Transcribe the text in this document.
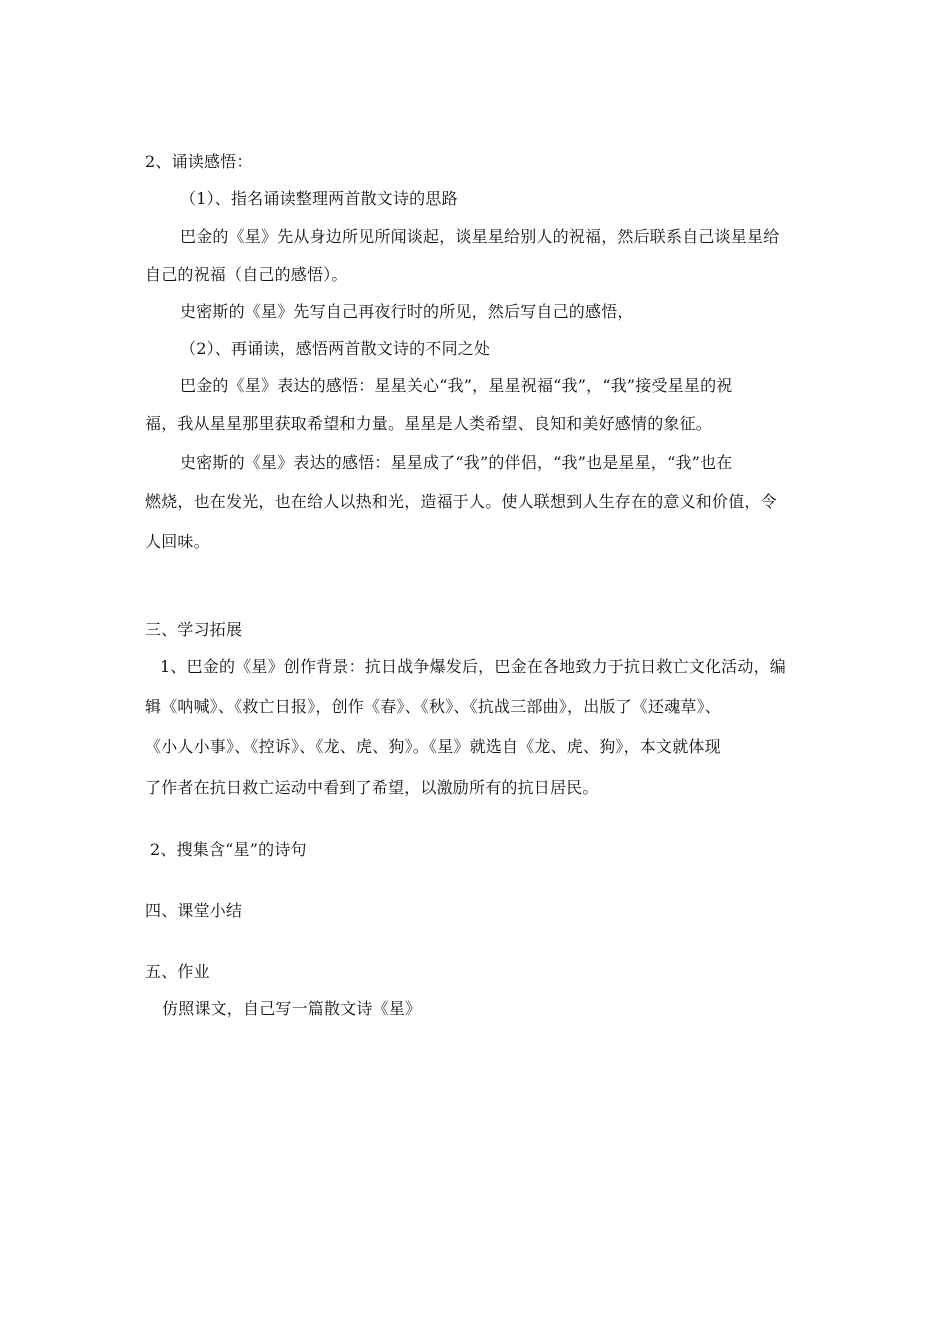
2、诵读感悟：
（1）、指名诵读整理两首散文诗的思路
巴金的《星》先从身边所见所闻谈起，谈星星给别人的祝福，然后联系自己谈星星给
自己的祝福（自己的感悟）。
史密斯的《星》先写自己再夜行时的所见，然后写自己的感悟，
（2）、再诵读，感悟两首散文诗的不同之处
巴金的《星》表达的感悟：星星关心“我”，星星祝福“我”，“我”接受星星的祝
福，我从星星那里获取希望和力量。星星是人类希望、良知和美好感情的象征。
史密斯的《星》表达的感悟：星星成了“我”的伴侣，“我”也是星星，“我”也在
燃烧，也在发光，也在给人以热和光，造福于人。使人联想到人生存在的意义和价值，令
人回味。
三、学习拓展
1、巴金的《星》创作背景：抗日战争爆发后，巴金在各地致力于抗日救亡文化活动，编
辑《呐喊》、《救亡日报》，创作《春》、《秋》、《抗战三部曲》，出版了《还魂草》、
《小人小事》、《控诉》、《龙、虎、狗》。《星》就选自《龙、虎、狗》，本文就体现
了作者在抗日救亡运动中看到了希望，以激励所有的抗日居民。
2、搜集含“星”的诗句
四、课堂小结
五、作业
仿照课文，自己写一篇散文诗《星》
